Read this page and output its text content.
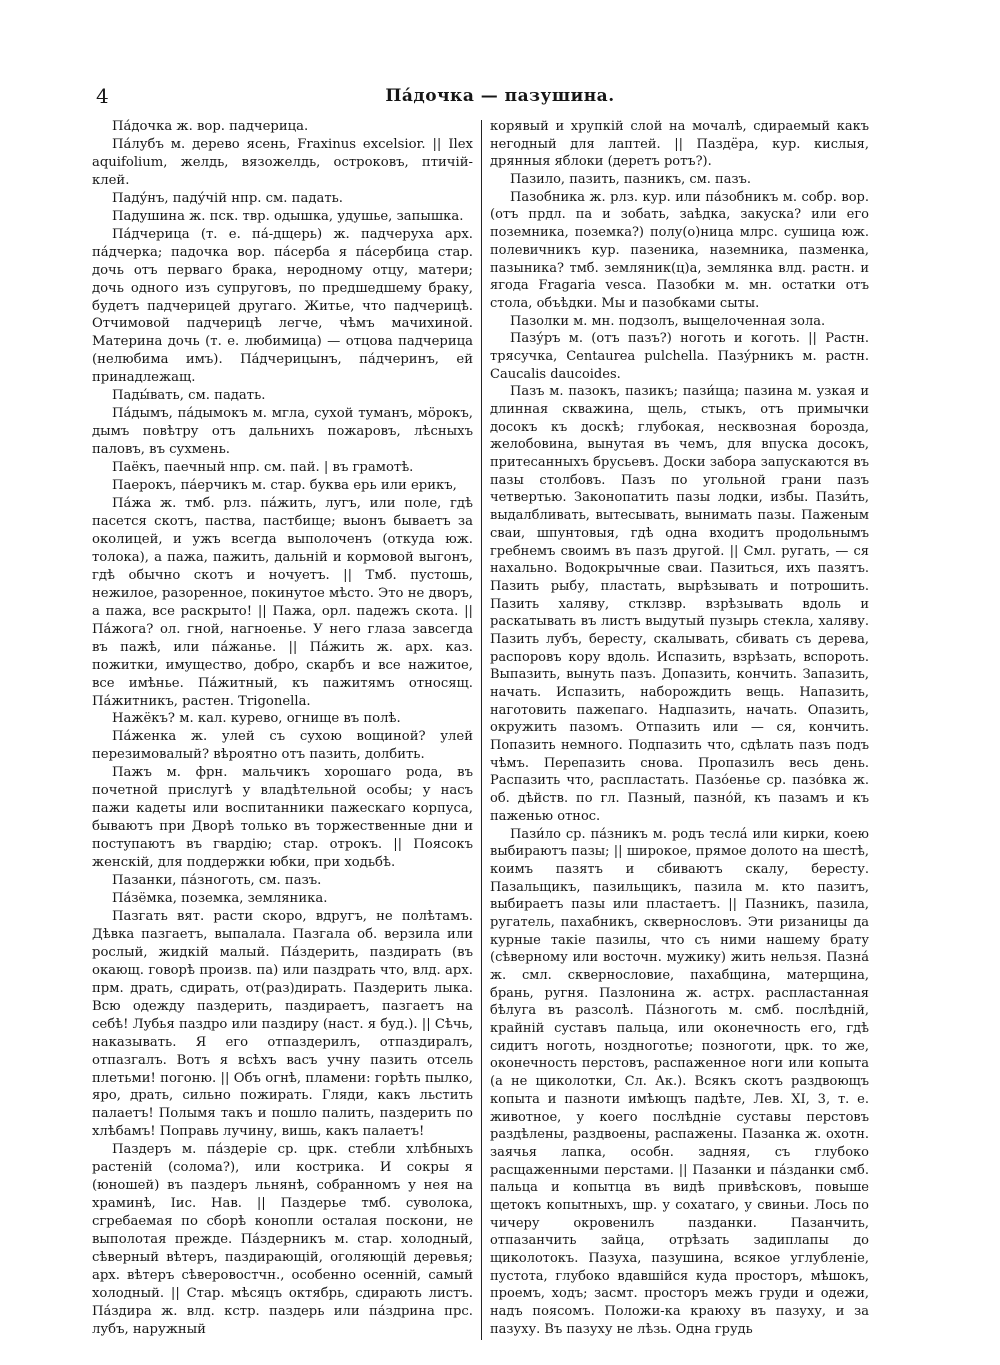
4	Па́дочка — пазушина.

Па́дочка ж. вор. падчерица.

Па́лубъ м. дерево ясень, Fraxinus excelsior. || Ilex aquifolium, желдь, вязожелдь, остроковъ, птичiй-клей.

Паду́нъ, паду́чiй нпр. см. падать.

Падушина ж. пск. твр. одышка, удушье, запышка.

Па́дчерица (т. е. па́-дщерь) ж. падчеруха арх. па́дчерка; падочка вор. па́серба я па́сербица стар. дочь отъ перваго брака, неродному отцу, матери; дочь одного изъ супруговъ, по предшедшему браку, будетъ падчерицей другаго. Житье, что падчерицѣ. Отчимовой падчерицѣ легче, чѣмъ мачихиной. Материна дочь (т. е. любимица) — отцова падчерица (нелюбима имъ). Па́дчерицынъ, па́дчеринъ, ей принадлежащ.

Пады́вать, см. падать.

Па́дымъ, па́дымокъ м. мгла, сухой туманъ, мӧрокъ, дымъ повѣтру отъ дальнихъ пожаровъ, лѣсныхъ паловъ, въ сухмень.

Паёкъ, паечный нпр. см. пай. | въ грамотѣ.

Паерокъ, па́ерчикъ м. стар. буква ерь или ерикъ,

Па́жа ж. тмб. рлз. па́жить, лугъ, или поле, гдѣ пасется скотъ, паства, пастбище; выонъ бываетъ за околицей, и ужъ всегда выполоченъ (откуда юж. толока), а пажа, пажить, дальнiй и кормовой выгонъ, гдѣ обычно скотъ и ночуетъ. || Тмб. пустошь, нежилое, разоренное, покинутое мѣсто. Это не дворъ, а пажа, все раскрыто! || Пажа, орл. падежъ скота. || Па́жога? ол. гной, нагноенье. У него глаза завсегда въ пажѣ, или па́жанье. || Па́жить ж. арх. каз. пожитки, имущество, добро, скарбъ и все нажитое, все имѣнье. Па́житный, къ пажитямъ относящ. Па́житникъ, растен. Trigonella.

Нажёкъ? м. кал. курево, огнище въ полѣ.

Па́женка ж. улей съ сухою вощиной? улей перезимовалый? вѣроятно отъ пазить, долбить.

Пажъ м. фрн. мальчикъ хорошаго рода, въ почетной прислугѣ у владѣтельной особы; у насъ пажи кадеты или воспитанники пажескаго корпуса, бываютъ при Дворѣ только въ торжественные дни и поступаютъ въ гвардiю; стар. отрокъ. || Поясокъ женскiй, для поддержки юбки, при ходьбѣ.

Пазанки, па́зноготь, см. пазъ.

Па́зёмка, поземка, земляника.

Пазгать вят. расти скоро, вдругъ, не полѣтамъ. Дѣвка пазгаетъ, выпалала. Пазгала об. верзила или рослый, жидкiй малый. Па́здерить, паздирать (въ окающ. говорѣ произв. па) или паздрать что, влд. арх. прм. драть, сдирать, от(раз)дирать. Паздерить лыка. Всю одежду паздерить, паздираетъ, пазгаетъ на себѣ! Лубья паздро или паздиру (наст. я буд.). || Сѣчь, наказывать. Я его отпаздерилъ, отпаздиралъ, отпазгалъ. Вотъ я всѣхъ васъ учну пазить отсель плетьми! погоню. || Объ огнѣ, пламени: горѣть пылко, яро, драть, сильно пожирать. Гляди, какъ льстить палаетъ! Полымя такъ и пошло палить, паздерить по хлѣбамъ! Поправь лучину, вишь, какъ палаетъ!

Паздеръ м. па́здерiе ср. црк. стебли хлѣбныхъ растенiй (солома?), или кострика. И сокры я (юношей) въ паздеръ льнянѣ, собранномъ у нея на храминѣ, Iис. Нав. || Паздерье тмб. суволока, сгребаемая по сборѣ конопли осталая поскони, не выполотая прежде. Па́здерникъ м. стар. холодный, сѣверный вѣтеръ, паздирающiй, оголяющiй деревья; арх. вѣтеръ сѣверовостчн., особенно осеннiй, самый холодный. || Стар. мѣсяцъ октябрь, сдирають листъ. Па́здира ж. влд. кстр. паздерь или па́здрина прс. лубъ, наружный

корявый и хрупкiй слой на мочалѣ, сдираемый какъ негодный для лаптей. || Паздёра, кур. кислыя, дрянныя яблоки (деретъ ротъ?).

Пазило, пазить, пазникъ, см. пазъ.

Пазобника ж. рлз. кур. или па́зобникъ м. собр. вор. (отъ прдл. па и зобать, заѣдка, закуска? или его поземника, поземка?) полу(о)ница млрс. сушица юж. полевичникъ кур. пазеника, наземника, пазменка, пазыника? тмб. земляник(ц)а, землянка влд. растн. и ягода Fragaria vesca. Пазобки м. мн. остатки отъ стола, объѣдки. Мы и пазобками сыты.

Пазолки м. мн. подзолъ, выщелоченная зола.

Пазу́ръ м. (отъ пазъ?) ноготь и коготь. || Растн. трясучка, Centaurea pulchella. Пазу́рникъ м. растн. Caucalis daucoides.

Пазъ м. пазокъ, пазикъ; пази́ща; пазина м. узкая и длинная скважина, щель, стыкъ, отъ примычки досокъ къ доскѣ; глубокая, несквозная борозда, желобовина, вынутая въ чемъ, для впуска досокъ, притесанныхъ брусьевъ. Доски забора запускаются въ пазы столбовъ. Пазъ по угольной грани пазъ четвертью. Законопатить пазы лодки, избы. Пази́ть, выдалбливать, вытесывать, вынимать пазы. Паженым сваи, шпунтовыя, гдѣ одна входитъ продольнымъ гребнемъ своимъ въ пазъ другой. || Смл. ругать, — ся нахально. Водокрычные сваи. Пазиться, ихъ пазятъ. Пазить рыбу, пластать, вырѣзывать и потрошить. Пазить халяву, стклзвр. взрѣзывать вдоль и раскатывать въ листъ выдутый пузырь стекла, халяву. Пазить лубъ, бересту, скалывать, сбивать съ дерева, распоровъ кору вдоль. Испазить, взрѣзать, вспороть. Выпазить, вынуть пазъ. Допазить, кончить. Запазить, начать. Испазить, наборождить вещь. Напазить, наготовить пажепаго. Надпазить, начать. Опазить, окружить пазомъ. Отпазить или — ся, кончить. Попазить немного. Подпазить что, сдѣлать пазъ подъ чѣмъ. Перепазить снова. Пропазилъ весь день. Распазить что, распластать. Пазо́енье ср. пазо́вка ж. об. дѣйств. по гл. Пазный, пазно́й, къ пазамъ и къ паженью относ.

Пази́ло ср. па́зникъ м. родъ теслá или кирки, коею выбираютъ пазы; || широкое, прямое долото на шестѣ, коимъ пазятъ и сбиваютъ скалу, бересту. Пазальщикъ, пазильщикъ, пазила м. кто пазитъ, выбираетъ пазы или пластаетъ. || Пазникъ, пазила, ругатель, пахабникъ, сквернословъ. Эти ризаницы да курные такiе пазилы, что съ ними нашему брату (сѣверному или восточн. мужику) жить нельзя. Пазна́ ж. смл. сквернословие, пахабщина, матерщина, брань, ругня. Пазлонина ж. астрх. распластанная бѣлуга въ разсолѣ. Па́зноготь м. смб. послѣднiй, крайнiй суставъ пальца, или оконечность его, гдѣ сидитъ ноготь, ноздноготье; позноготи, црк. то же, оконечность перстовъ, распаженное ноги или копыта (а не щиколотки, Сл. Ак.). Всякъ скотъ раздвоющъ копыта и пазноти имѣющъ падѣте, Лев. XI, 3, т. е. животное, у коего послѣднiе суставы перстовъ раздѣлены, раздвоены, распажены. Пазанка ж. охотн. заячья лапка, особн. задняя, съ глубоко расщаженными перстами. || Пазанки и па́зданки смб. пальца и копытца въ видѣ привѣсковъ, повыше щетокъ копытныхъ, шр. у сохатаго, у свиньи. Лось по чичеру окровенилъ пазданки. Пазанчить, отпазанчить зайца, отрѣзать задиплапы до щиколотокъ. Пазуха, пазушина, всякое углубленiе, пустота, глубоко вдавшiйся куда просторъ, мѣшокъ, проемъ, ходъ; засмт. просторъ межъ груди и одежи, надъ поясомъ. Положи-ка краюху въ пазуху, и за пазуху. Въ пазуху не лѣзь. Одна грудь
